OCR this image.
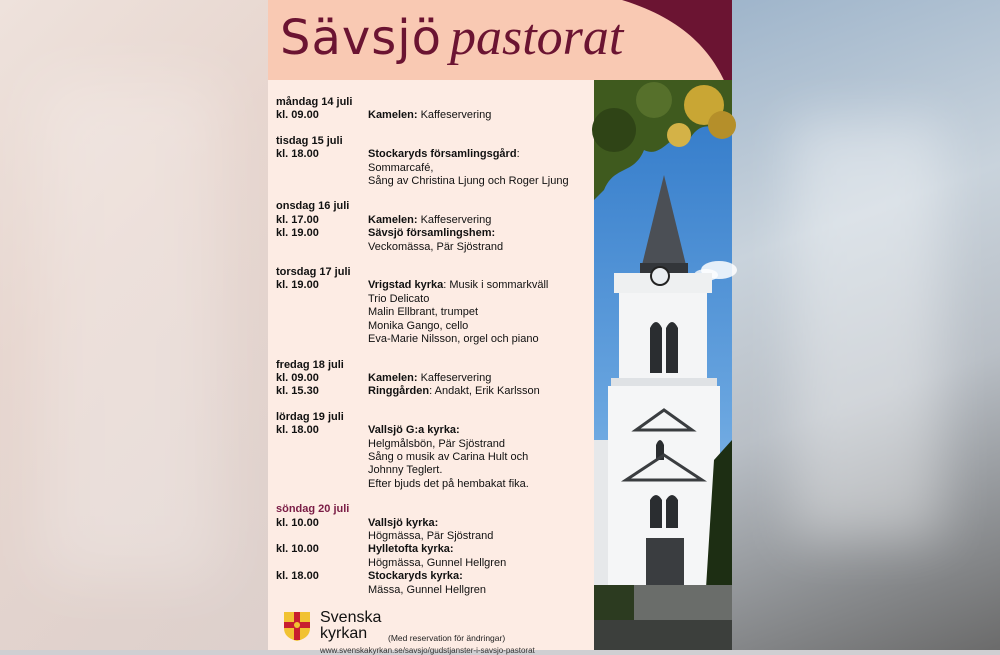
Sävsjö pastorat
måndag 14 juli
kl. 09.00	Kamelen: Kaffeservering
tisdag 15 juli
kl. 18.00	Stockaryds församlingsgård:
Sommarcafé,
Sång av Christina Ljung och Roger Ljung
onsdag 16 juli
kl. 17.00	Kamelen: Kaffeservering
kl. 19.00	Sävsjö församlingshem:
Veckomässa, Pär Sjöstrand
torsdag 17 juli
kl. 19.00	Vrigstad kyrka: Musik i sommarkväll
Trio Delicato
Malin Ellbrant, trumpet
Monika Gango, cello
Eva-Marie Nilsson, orgel och piano
fredag 18 juli
kl. 09.00	Kamelen: Kaffeservering
kl. 15.30	Ringgården: Andakt, Erik Karlsson
lördag 19 juli
kl. 18.00	Vallsjö G:a kyrka:
Helgmålsbön, Pär Sjöstrand
Sång o musik av Carina Hult och
Johnny Teglert.
Efter bjuds det på hembakat fika.
söndag 20 juli
kl. 10.00	Vallsjö kyrka:
Högmässa, Pär Sjöstrand
kl. 10.00	Hylletofta kyrka:
Högmässa, Gunnel Hellgren
kl. 18.00	Stockaryds kyrka:
Mässa, Gunnel Hellgren
Svenska
kyrkan	(Med reservation för ändringar)
www.svenskakyrkan.se/savsjo/gudstjanster-i-savsjo-pastorat
